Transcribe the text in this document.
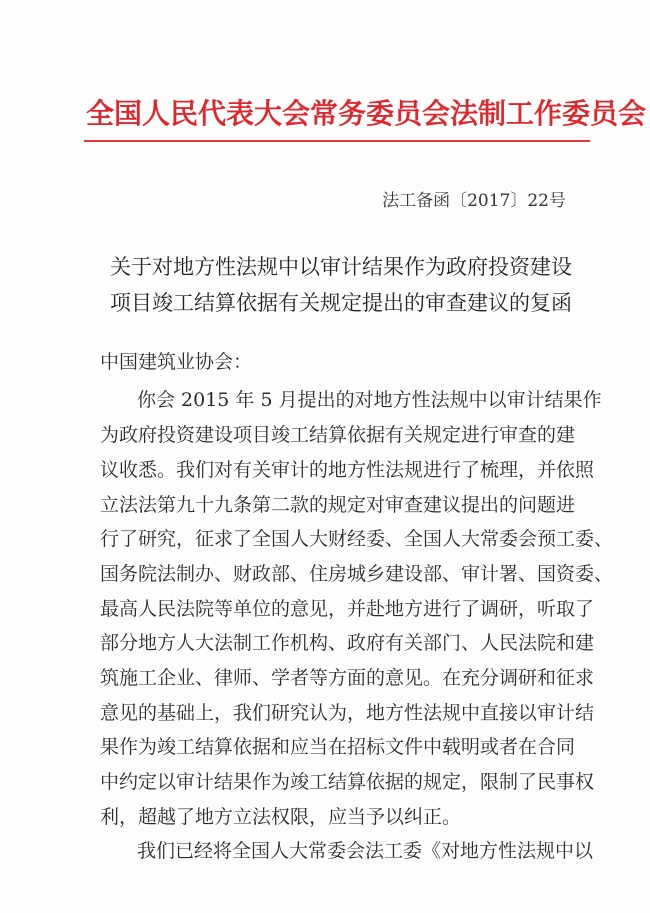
全国人民代表大会常务委员会法制工作委员会
法工备函〔2017〕22号
关于对地方性法规中以审计结果作为政府投资建设
项目竣工结算依据有关规定提出的审查建议的复函
中国建筑业协会：
你会 2015 年 5 月提出的对地方性法规中以审计结果作
为政府投资建设项目竣工结算依据有关规定进行审查的建
议收悉。我们对有关审计的地方性法规进行了梳理，并依照
立法法第九十九条第二款的规定对审查建议提出的问题进
行了研究，征求了全国人大财经委、全国人大常委会预工委、
国务院法制办、财政部、住房城乡建设部、审计署、国资委、
最高人民法院等单位的意见，并赴地方进行了调研，听取了
部分地方人大法制工作机构、政府有关部门、人民法院和建
筑施工企业、律师、学者等方面的意见。在充分调研和征求
意见的基础上，我们研究认为，地方性法规中直接以审计结
果作为竣工结算依据和应当在招标文件中载明或者在合同
中约定以审计结果作为竣工结算依据的规定，限制了民事权
利，超越了地方立法权限，应当予以纠正。
我们已经将全国人大常委会法工委《对地方性法规中以
